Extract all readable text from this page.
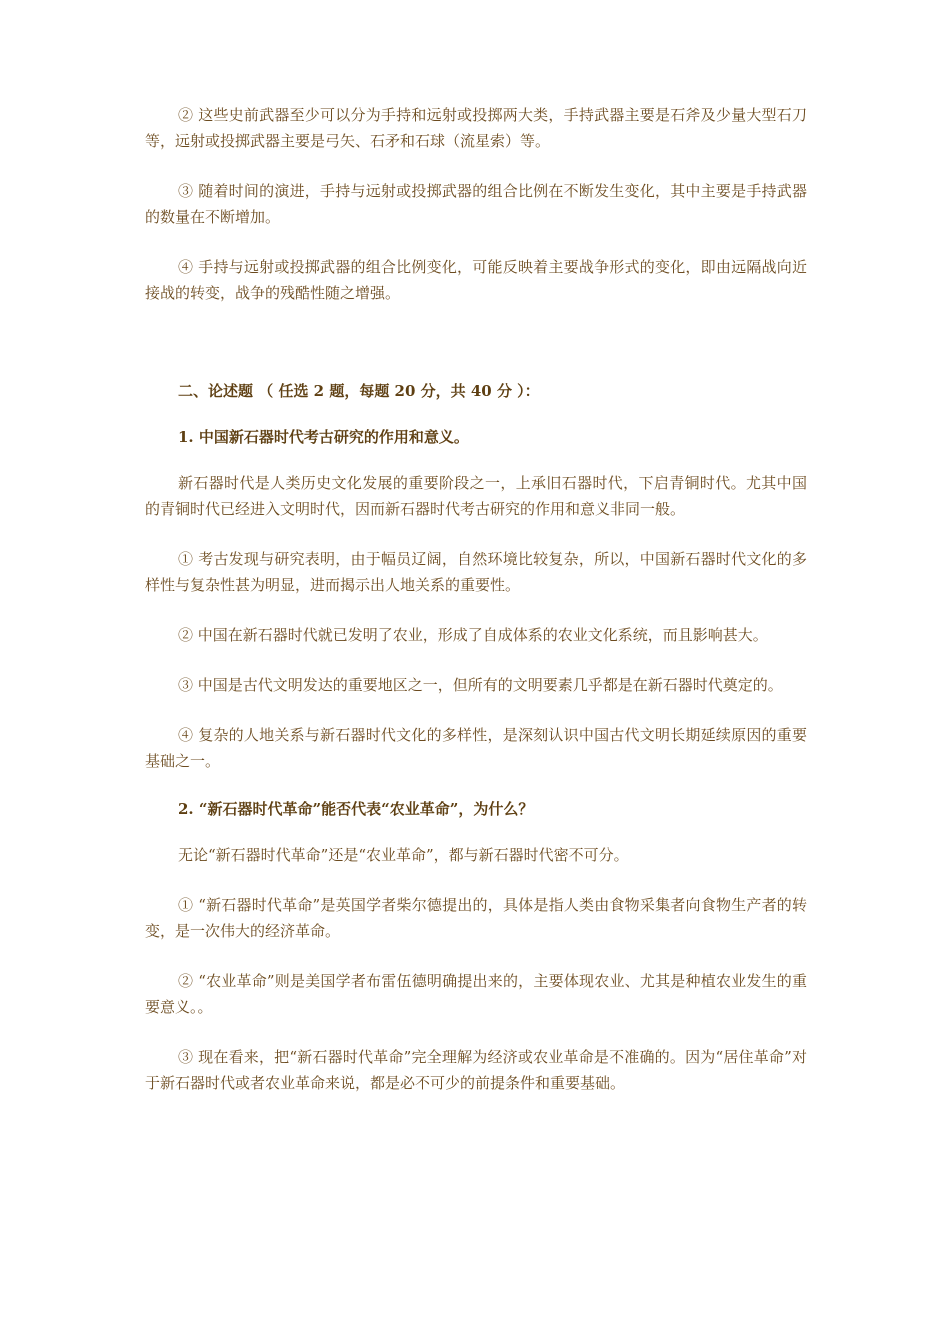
② 这些史前武器至少可以分为手持和远射或投掷两大类，手持武器主要是石斧及少量大型石刀等，远射或投掷武器主要是弓矢、石矛和石球（流星索）等。

③ 随着时间的演进，手持与远射或投掷武器的组合比例在不断发生变化，其中主要是手持武器的数量在不断增加。

④ 手持与远射或投掷武器的组合比例变化，可能反映着主要战争形式的变化，即由远隔战向近接战的转变，战争的残酷性随之增强。

二、论述题 （ 任选 2 题，每题 20 分，共 40 分 ）：

1. 中国新石器时代考古研究的作用和意义。

新石器时代是人类历史文化发展的重要阶段之一，上承旧石器时代，下启青铜时代。尤其中国的青铜时代已经进入文明时代，因而新石器时代考古研究的作用和意义非同一般。

① 考古发现与研究表明，由于幅员辽阔，自然环境比较复杂，所以，中国新石器时代文化的多样性与复杂性甚为明显，进而揭示出人地关系的重要性。

② 中国在新石器时代就已发明了农业，形成了自成体系的农业文化系统，而且影响甚大。

③ 中国是古代文明发达的重要地区之一，但所有的文明要素几乎都是在新石器时代奠定的。

④ 复杂的人地关系与新石器时代文化的多样性，是深刻认识中国古代文明长期延续原因的重要基础之一。

2. “新石器时代革命”能否代表“农业革命”，为什么？

无论“新石器时代革命”还是“农业革命”，都与新石器时代密不可分。

① “新石器时代革命”是英国学者柴尔德提出的，具体是指人类由食物采集者向食物生产者的转变，是一次伟大的经济革命。

② “农业革命”则是美国学者布雷伍德明确提出来的，主要体现农业、尤其是种植农业发生的重要意义。。

③ 现在看来，把“新石器时代革命”完全理解为经济或农业革命是不准确的。因为“居住革命”对于新石器时代或者农业革命来说，都是必不可少的前提条件和重要基础。
